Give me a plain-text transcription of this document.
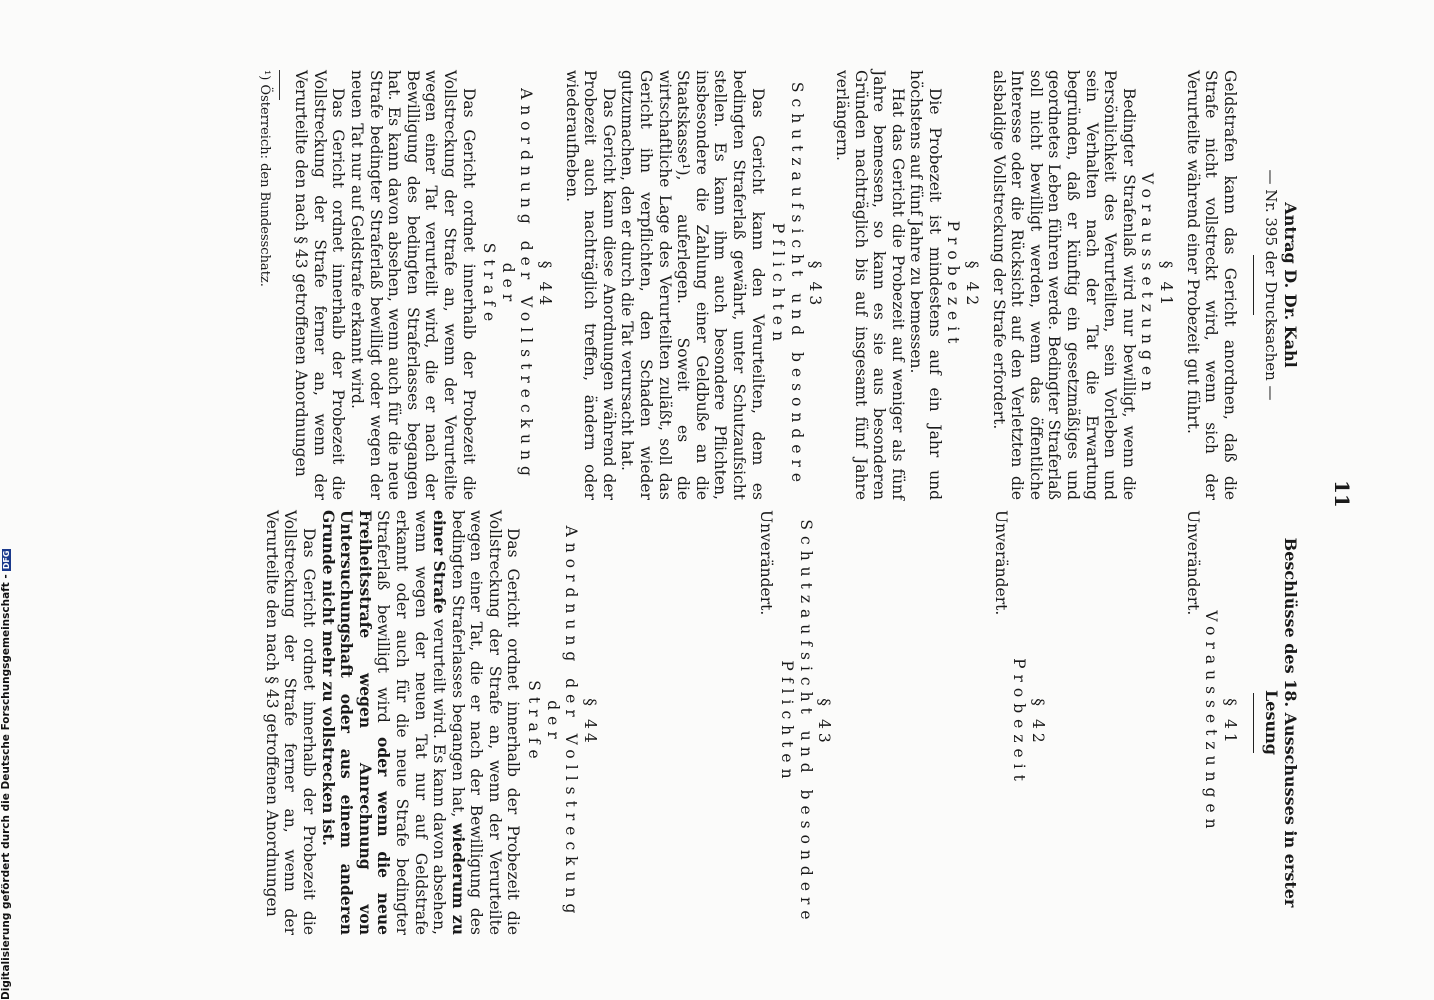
11
Beschlüsse des 18. Ausschusses in erster Lesung
§ 41
Voraussetzungen

Unverändert.

§ 42
Probezeit

Unverändert.

§ 43
Schutzaufsicht und besondere
Pflichten

Unverändert.

§ 44
Anordnung der Vollstreckung der
Strafe

Das Gericht ordnet innerhalb der Probezeit die Vollstreckung der Strafe an, wenn der Verurteilte wegen einer Tat, die er nach der Bewilligung des bedingten Straferlasses begangen hat, wiederum zu einer Strafe verurteilt wird. Es kann davon absehen, wenn wegen der neuen Tat nur auf Geldstrafe erkannt oder auch für die neue Strafe bedingter Straferlaß bewilligt wird oder wenn die neue Freiheitsstrafe wegen Anrechnung von Untersuchungshaft oder aus einem anderen Grunde nicht mehr zu vollstrecken ist.

Das Gericht ordnet innerhalb der Probezeit die Vollstreckung der Strafe ferner an, wenn der Verurteilte den nach § 43 getroffenen Anordnungen

Antrag D. Dr. Kahl
— Nr. 395 der Drucksachen —

Geldstrafen kann das Gericht anordnen, daß die Strafe nicht vollstreckt wird, wenn sich der Verurteilte während einer Probezeit gut führt.

§ 41
Voraussetzungen

Bedingter Strafenlaß wird nur bewilligt, wenn die Persönlichkeit des Verurteilten, sein Vorleben und sein Verhalten nach der Tat die Erwartung begründen, daß er künftig ein gesetzmäßiges und geordnetes Leben führen werde. Bedingter Straferlaß soll nicht bewilligt werden, wenn das öffentliche Interesse oder die Rücksicht auf den Verletzten die alsbaldige Vollstreckung der Strafe erfordert.

§ 42
Probezeit

Die Probezeit ist mindestens auf ein Jahr und höchstens auf fünf Jahre zu bemessen.

Hat das Gericht die Probezeit auf weniger als fünf Jahre bemessen, so kann es sie aus besonderen Gründen nachträglich bis auf insgesamt fünf Jahre verlängern.

§ 43
Schutzaufsicht und besondere
Pflichten

Das Gericht kann den Verurteilten, dem es bedingten Straferlaß gewährt, unter Schutzaufsicht stellen. Es kann ihm auch besondere Pflichten, insbesondere die Zahlung einer Geldbuße an die Staatskasse¹), auferlegen. Soweit es die wirtschaftliche Lage des Verurteilten zuläßt, soll das Gericht ihn verpflichten, den Schaden wieder gutzumachen, den er durch die Tat verursacht hat.

Das Gericht kann diese Anordnungen während der Probezeit auch nachträglich treffen, ändern oder wiederaufheben.

§ 44
Anordnung der Vollstreckung der
Strafe

Das Gericht ordnet innerhalb der Probezeit die Vollstreckung der Strafe an, wenn der Verurteilte wegen einer Tat verurteilt wird, die er nach der Bewilligung des bedingten Straferlasses begangen hat. Es kann davon absehen, wenn auch für die neue Strafe bedingter Straferlaß bewilligt oder wegen der neuen Tat nur auf Geldstrafe erkannt wird.

Das Gericht ordnet innerhalb der Probezeit die Vollstreckung der Strafe ferner an, wenn der Verurteilte den nach § 43 getroffenen Anordnungen

¹) Österreich: den Bundesschatz.
Digitalisierung gefördert durch die Deutsche Forschungsgemeinschaft -DFG
